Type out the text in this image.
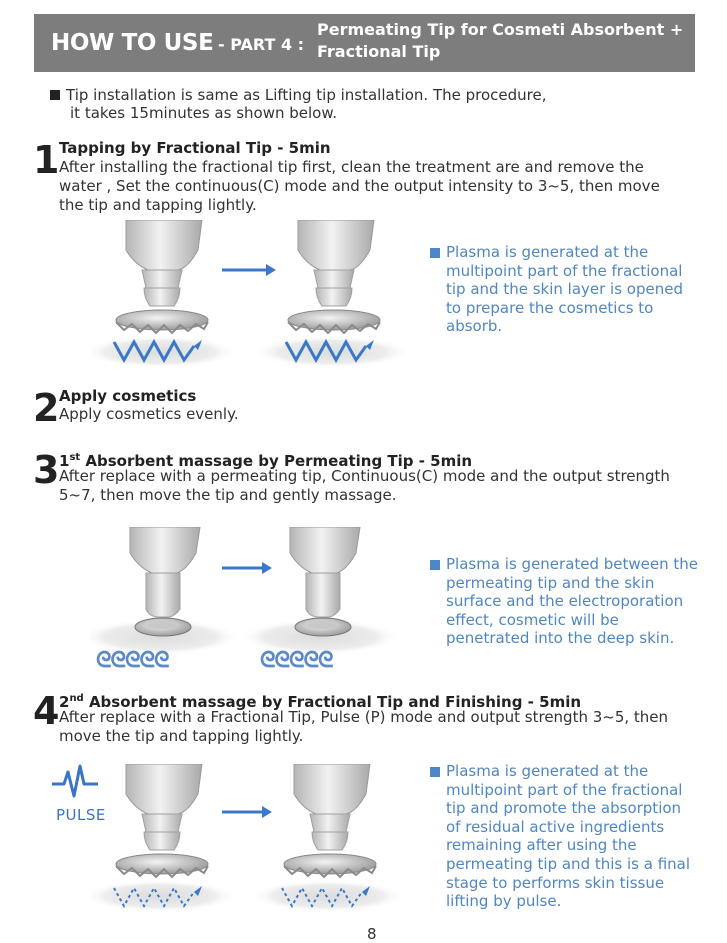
HOW TO USE - PART 4 :
Permeating Tip for Cosmeti Absorbent +
Fractional Tip
Tip installation is same as Lifting tip installation. The procedure,
it takes 15minutes as shown below.
1 Tapping by Fractional Tip - 5min
After installing the fractional tip first, clean the treatment are and remove the water , Set the continuous(C) mode and the output intensity to 3~5, then move the tip and tapping lightly.
Plasma is generated at the multipoint part of the fractional tip and the skin layer is opened to prepare the cosmetics to absorb.
2 Apply cosmetics
Apply cosmetics evenly.
3 1st Absorbent massage by Permeating Tip - 5min
After replace with a permeating tip, Continuous(C) mode and the output strength 5~7, then move the tip and gently massage.
ᘓᘓᘓᘓᘓ	ᘓᘓᘓᘓᘓ
Plasma is generated between the permeating tip and the skin surface and the electroporation effect, cosmetic will be penetrated into the deep skin.
4 2nd Absorbent massage by Fractional Tip and Finishing - 5min
After replace with a Fractional Tip, Pulse (P) mode and output strength 3~5, then move the tip and tapping lightly.
PULSE
Plasma is generated at the multipoint part of the fractional tip and promote the absorption of residual active ingredients remaining after using the permeating tip and this is a final stage to performs skin tissue lifting by pulse.
8
